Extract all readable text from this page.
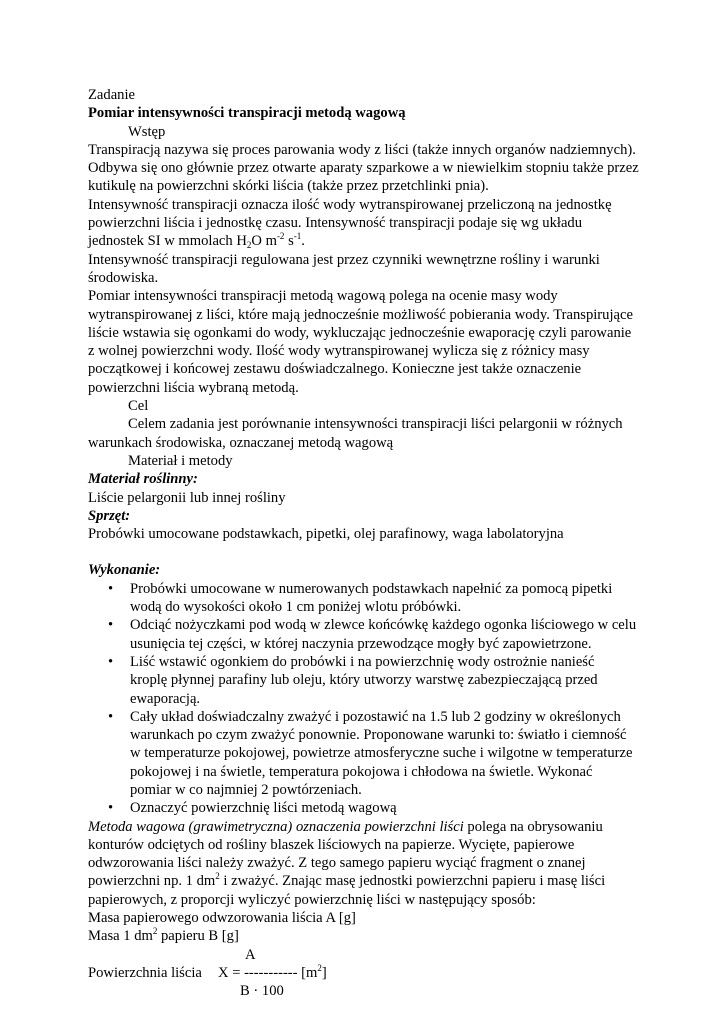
Zadanie

Pomiar intensywności transpiracji metodą wagową

Wstęp

Transpiracją nazywa się proces parowania wody z liści (także innych organów nadziemnych).

Odbywa się ono głównie przez otwarte aparaty szparkowe a w niewielkim stopniu także przez

kutikulę na powierzchni skórki liścia (także przez przetchlinki pnia).

Intensywność transpiracji oznacza ilość wody wytranspirowanej przeliczoną na jednostkę

powierzchni liścia i jednostkę czasu. Intensywność transpiracji podaje się wg układu

jednostek SI w mmolach $H_2O$ $m^{-2}$ $s^{-1}$.

Intensywność transpiracji regulowana jest przez czynniki wewnętrzne rośliny i warunki

środowiska.

Pomiar intensywności transpiracji metodą wagową polega na ocenie masy wody

wytranspirowanej z liści, które mają jednocześnie możliwość pobierania wody. Transpirujące

liście wstawia się ogonkami do wody, wykluczając jednocześnie ewaporację czyli parowanie

z wolnej powierzchni wody. Ilość wody wytranspirowanej wylicza się z różnicy masy

początkowej i końcowej zestawu doświadczalnego. Konieczne jest także oznaczenie

powierzchni liścia wybraną metodą.

Cel

Celem zadania jest porównanie intensywności transpiracji liści pelargonii w różnych

warunkach środowiska, oznaczanej metodą wagową

Materiał i metody

Materiał roślinny:

Liście pelargonii lub innej rośliny

Sprzęt:

Probówki umocowane podstawkach, pipetki, olej parafinowy, waga labolatoryjna

Wykonanie:

• Probówki umocowane w numerowanych podstawkach napełnić za pomocą pipetki

wodą do wysokości około 1 cm poniżej wlotu próbówki.

• Odciąć nożyczkami pod wodą w zlewce końcówkę każdego ogonka liściowego w celu

usunięcia tej części, w której naczynia przewodzące mogły być zapowietrzone.

• Liść wstawić ogonkiem do probówki i na powierzchnię wody ostrożnie nanieść

kroplę płynnej parafiny lub oleju, który utworzy warstwę zabezpieczającą przed

ewaporacją.

• Cały układ doświadczalny zważyć i pozostawić na 1.5 lub 2 godziny w określonych

warunkach po czym zważyć ponownie. Proponowane warunki to: światło i ciemność

w temperaturze pokojowej, powietrze atmosferyczne suche i wilgotne w temperaturze

pokojowej i na świetle, temperatura pokojowa i chłodowa na świetle. Wykonać

pomiar w co najmniej 2 powtórzeniach.

• Oznaczyć powierzchnię liści metodą wagową

Metoda wagowa (grawimetryczna) oznaczenia powierzchni liści polega na obrysowaniu

konturów odciętych od rośliny blaszek liściowych na papierze. Wycięte, papierowe

odwzorowania liści należy zważyć. Z tego samego papieru wyciąć fragment o znanej

powierzchni np. 1 $dm^2$ i zważyć. Znając masę jednostki powierzchni papieru i masę liści

papierowych, z proporcji wyliczyć powierzchnię liści w następujący sposób:

Masa papierowego odwzorowania liścia A [g]

Masa 1 $dm^2$ papieru B [g]

A
Powierzchnia liścia X = ----------- $[m^2]$
B · 100
